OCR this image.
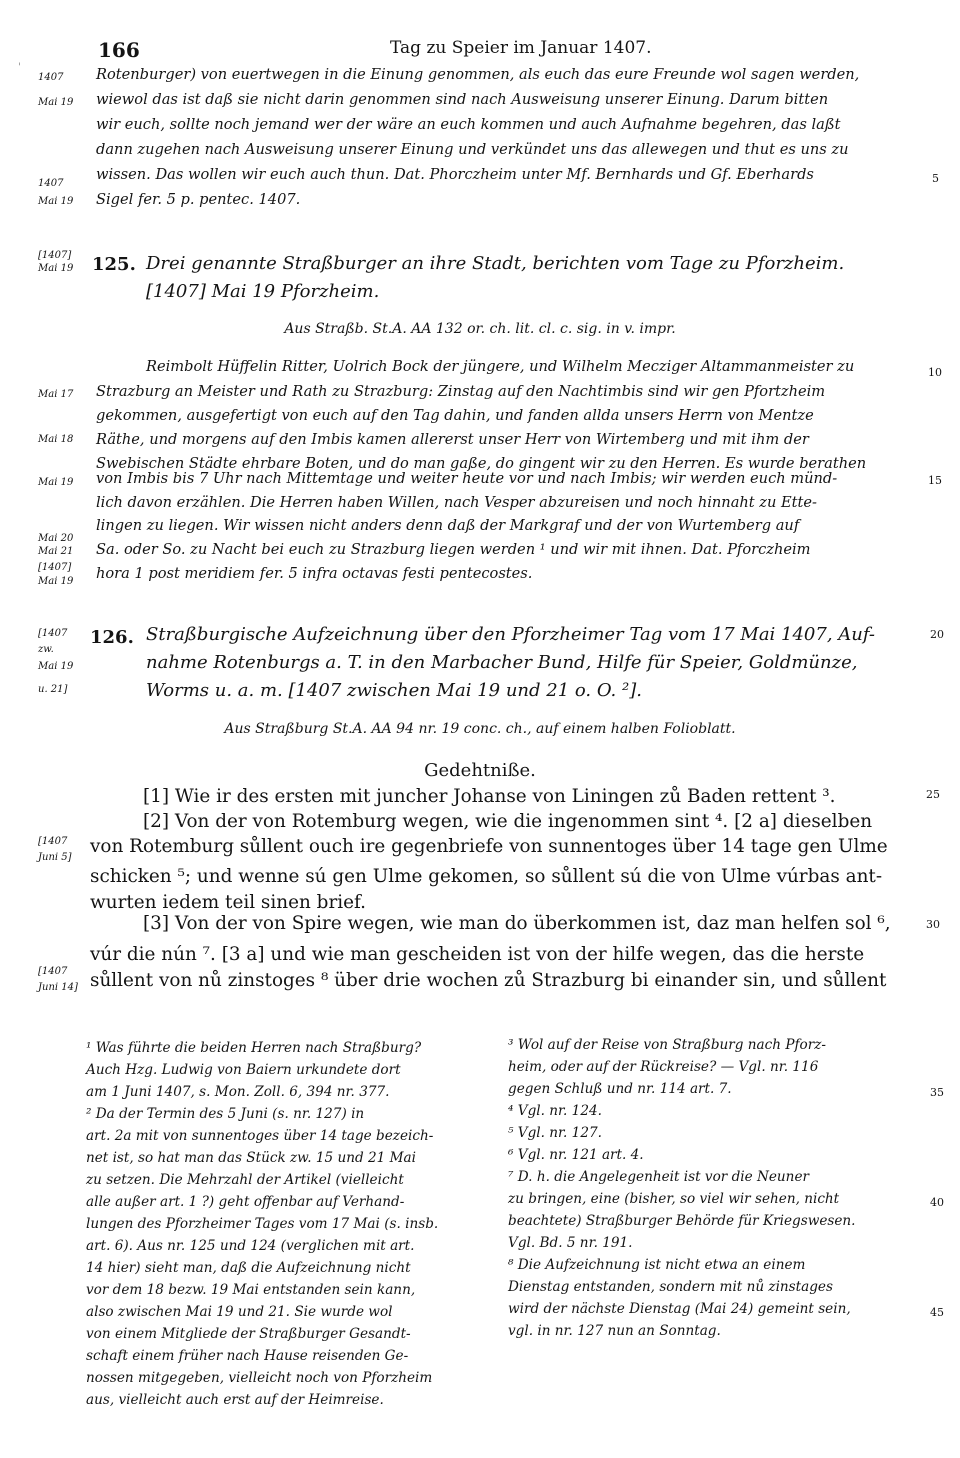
166	Tag zu Speier im Januar 1407.
'	Rotenburger) von euertwegen in die Einung genommen, als euch das eure Freunde wol sagen werden,
wiewol das ist daß sie nicht darin genommen sind nach Ausweisung unserer Einung. Darum bitten
wir euch, sollte noch jemand wer der wäre an euch kommen und auch Aufnahme begehren, das laßt
dann zugehen nach Ausweisung unserer Einung und verkündet uns das allewegen und thut es uns zu
wissen. Das wollen wir euch auch thun. Dat. Phorczheim unter Mf. Bernhards und Gf. Eberhards
Sigel fer. 5 p. pentec. 1407.
1407
Mai 19
1407
Mai 19
5
[1407]
Mai 19 125. Drei genannte Straßburger an ihre Stadt, berichten vom Tage zu Pforzheim.
[1407] Mai 19 Pforzheim.
Aus Straßb. St.A. AA 132 or. ch. lit. cl. c. sig. in v. impr.
Reimbolt Hüffelin Ritter, Uolrich Bock der jüngere, und Wilhelm Mecziger Altammanmeister zu
Strazburg an Meister und Rath zu Strazburg: Zinstag auf den Nachtimbis sind wir gen Pfortzheim
gekommen, ausgefertigt von euch auf den Tag dahin, und fanden allda unsers Herrn von Mentze
Räthe, und morgens auf den Imbis kamen allererst unser Herr von Wirtemberg und mit ihm der
Swebischen Städte ehrbare Boten, und do man gaße, do gingent wir zu den Herren. Es wurde berathen
von Imbis bis 7 Uhr nach Mittemtage und weiter heute vor und nach Imbis; wir werden euch münd-
lich davon erzählen. Die Herren haben Willen, nach Vesper abzureisen und noch hinnaht zu Ette-
lingen zu liegen. Wir wissen nicht anders denn daß der Markgraf und der von Wurtemberg auf
Sa. oder So. zu Nacht bei euch zu Strazburg liegen werden ¹ und wir mit ihnen. Dat. Pforczheim
hora 1 post meridiem fer. 5 infra octavas festi pentecostes.
Mai 17
Mai 18
Mai 19
Mai 20
Mai 21
[1407]
Mai 19
10
15
[1407
zw.
Mai 19
u. 21]
126. Straßburgische Aufzeichnung über den Pforzheimer Tag vom 17 Mai 1407, Auf-
nahme Rotenburgs a. T. in den Marbacher Bund, Hilfe für Speier, Goldmünze,
Worms u. a. m. [1407 zwischen Mai 19 und 21 o. O. ²].
20
Aus Straßburg St.A. AA 94 nr. 19 conc. ch., auf einem halben Folioblatt.
Gedehtniße.
[1] Wie ir des ersten mit juncher Johanse von Liningen zů Baden rettent ³.
[2] Von der von Rotemburg wegen, wie die ingenommen sint ⁴. [2 a] dieselben
von Rotemburg sůllent ouch ire gegenbriefe von sunnentoges über 14 tage gen Ulme
schicken ⁵; und wenne sú gen Ulme gekomen, so sůllent sú die von Ulme vúrbas ant-
wurten iedem teil sinen brief.
[3] Von der von Spire wegen, wie man do überkommen ist, daz man helfen sol ⁶,
vúr die nún ⁷. [3 a] und wie man gescheiden ist von der hilfe wegen, das die herste
sůllent von nů zinstoges ⁸ über drie wochen zů Strazburg bi einander sin, und sůllent
[1407
Juni 5]
[1407
Juni 14]
25
30
¹ Was führte die beiden Herren nach Straßburg?
Auch Hzg. Ludwig von Baiern urkundete dort
am 1 Juni 1407, s. Mon. Zoll. 6, 394 nr. 377.
² Da der Termin des 5 Juni (s. nr. 127) in
art. 2a mit von sunnentoges über 14 tage bezeich-
net ist, so hat man das Stück zw. 15 und 21 Mai
zu setzen. Die Mehrzahl der Artikel (vielleicht
alle außer art. 1 ?) geht offenbar auf Verhand-
lungen des Pforzheimer Tages vom 17 Mai (s. insb.
art. 6). Aus nr. 125 und 124 (verglichen mit art.
14 hier) sieht man, daß die Aufzeichnung nicht
vor dem 18 bezw. 19 Mai entstanden sein kann,
also zwischen Mai 19 und 21. Sie wurde wol
von einem Mitgliede der Straßburger Gesandt-
schaft einem früher nach Hause reisenden Ge-
nossen mitgegeben, vielleicht noch von Pforzheim
aus, vielleicht auch erst auf der Heimreise.
³ Wol auf der Reise von Straßburg nach Pforz-
heim, oder auf der Rückreise? — Vgl. nr. 116
gegen Schluß und nr. 114 art. 7.
⁴ Vgl. nr. 124.
⁵ Vgl. nr. 127.
⁶ Vgl. nr. 121 art. 4.
⁷ D. h. die Angelegenheit ist vor die Neuner
zu bringen, eine (bisher, so viel wir sehen, nicht
beachtete) Straßburger Behörde für Kriegswesen.
Vgl. Bd. 5 nr. 191.
⁸ Die Aufzeichnung ist nicht etwa an einem
Dienstag entstanden, sondern mit nů zinstages
wird der nächste Dienstag (Mai 24) gemeint sein,
vgl. in nr. 127 nun an Sonntag.
35
40
45
